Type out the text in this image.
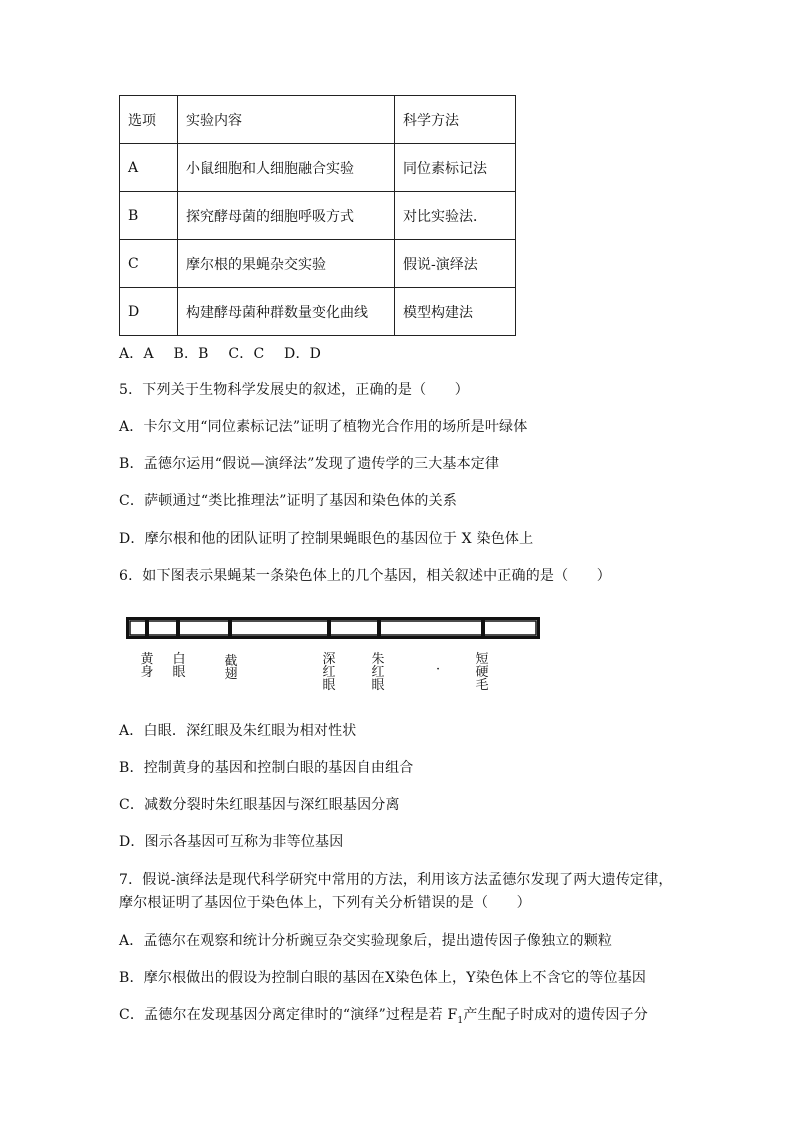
选项	实验内容	科学方法
A	小鼠细胞和人细胞融合实验	同位素标记法
B	探究酵母菌的细胞呼吸方式	对比实验法．
C	摩尔根的果蝇杂交实验	假说-演绎法
D	构建酵母菌种群数量变化曲线	模型构建法
A．A B．B C．C D．D
5．下列关于生物科学发展史的叙述，正确的是（　　）
A．卡尔文用“同位素标记法”证明了植物光合作用的场所是叶绿体
B．孟德尔运用“假说—演绎法”发现了遗传学的三大基本定律
C．萨顿通过“类比推理法”证明了基因和染色体的关系
D．摩尔根和他的团队证明了控制果蝇眼色的基因位于 X 染色体上
6．如下图表示果蝇某一条染色体上的几个基因，相关叙述中正确的是（　　）
黄身
白眼
截翅
深红眼
朱红眼
·
短硬毛
A．白眼．深红眼及朱红眼为相对性状
B．控制黄身的基因和控制白眼的基因自由组合
C．减数分裂时朱红眼基因与深红眼基因分离
D．图示各基因可互称为非等位基因
7．假说-演绎法是现代科学研究中常用的方法，利用该方法孟德尔发现了两大遗传定律，
摩尔根证明了基因位于染色体上，下列有关分析错误的是（　　）
A．孟德尔在观察和统计分析豌豆杂交实验现象后，提出遗传因子像独立的颗粒
B．摩尔根做出的假设为控制白眼的基因在X染色体上，Y染色体上不含它的等位基因
C．孟德尔在发现基因分离定律时的“演绎”过程是若 $F_1$产生配子时成对的遗传因子分
